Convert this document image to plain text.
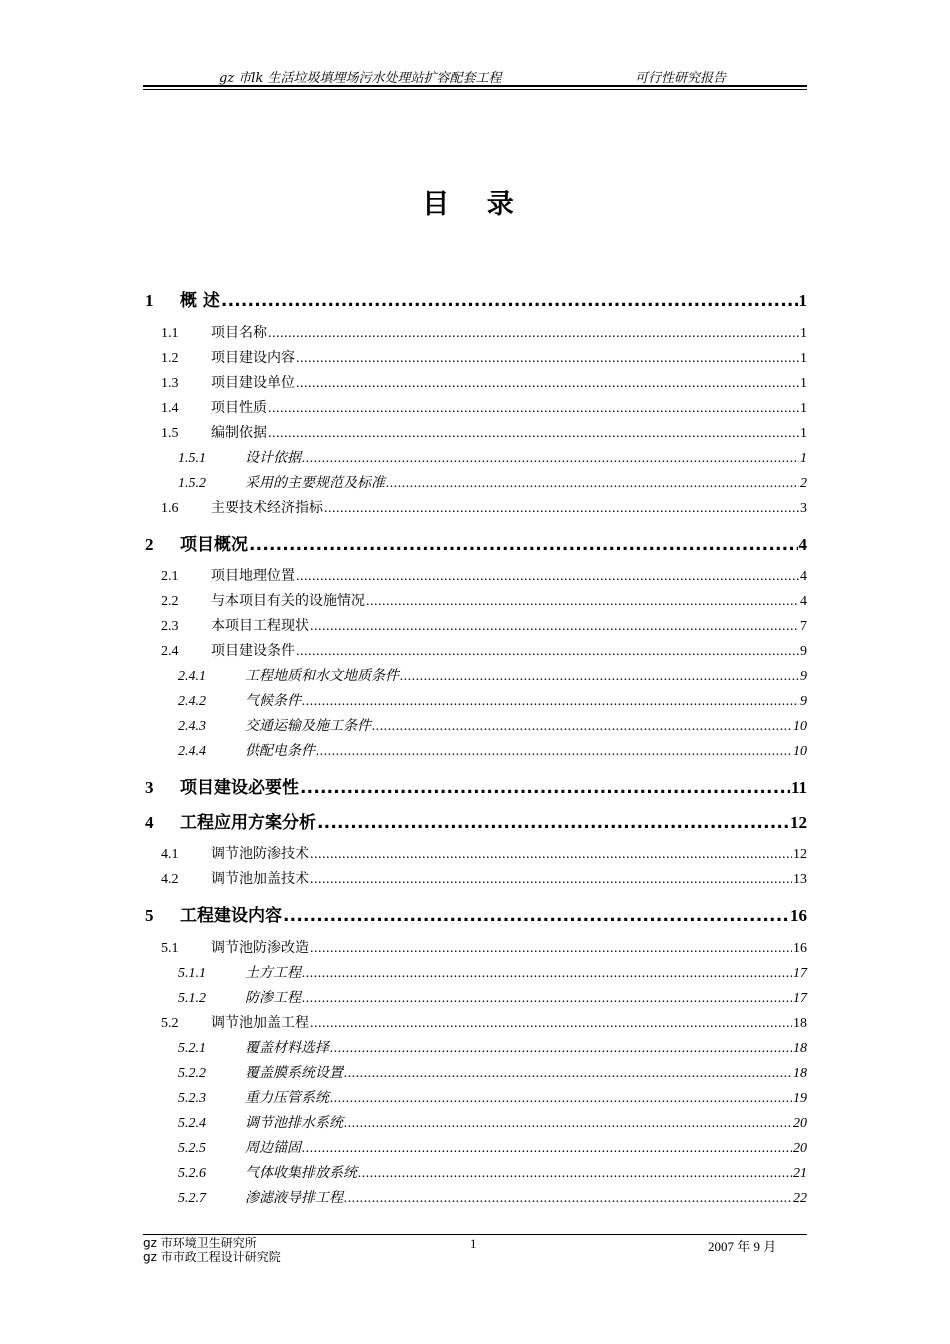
gz 市lk 生活垃圾填埋场污水处理站扩容配套工程	可行性研究报告
目 录
1	概 述 .....	1
1.1	项目名称 .....	1
1.2	项目建设内容 .....	1
1.3	项目建设单位 .....	1
1.4	项目性质 .....	1
1.5	编制依据 .....	1
1.5.1	设计依据 .....	1
1.5.2	采用的主要规范及标准 .....	2
1.6	主要技术经济指标 .....	3
2	项目概况 .....	4
2.1	项目地理位置 .....	4
2.2	与本项目有关的设施情况 .....	4
2.3	本项目工程现状 .....	7
2.4	项目建设条件 .....	9
2.4.1	工程地质和水文地质条件 .....	9
2.4.2	气候条件 .....	9
2.4.3	交通运输及施工条件 .....	10
2.4.4	供配电条件 .....	10
3	项目建设必要性 .....	11
4	工程应用方案分析 .....	12
4.1	调节池防渗技术 .....	12
4.2	调节池加盖技术 .....	13
5	工程建设内容 .....	16
5.1	调节池防渗改造 .....	16
5.1.1	土方工程 .....	17
5.1.2	防渗工程 .....	17
5.2	调节池加盖工程 .....	18
5.2.1	覆盖材料选择 .....	18
5.2.2	覆盖膜系统设置 .....	18
5.2.3	重力压管系统 .....	19
5.2.4	调节池排水系统 .....	20
5.2.5	周边锚固 .....	20
5.2.6	气体收集排放系统 .....	21
5.2.7	渗滤液导排工程 .....	22
gz 市环境卫生研究所
gz 市市政工程设计研究院
1	2007 年 9 月
